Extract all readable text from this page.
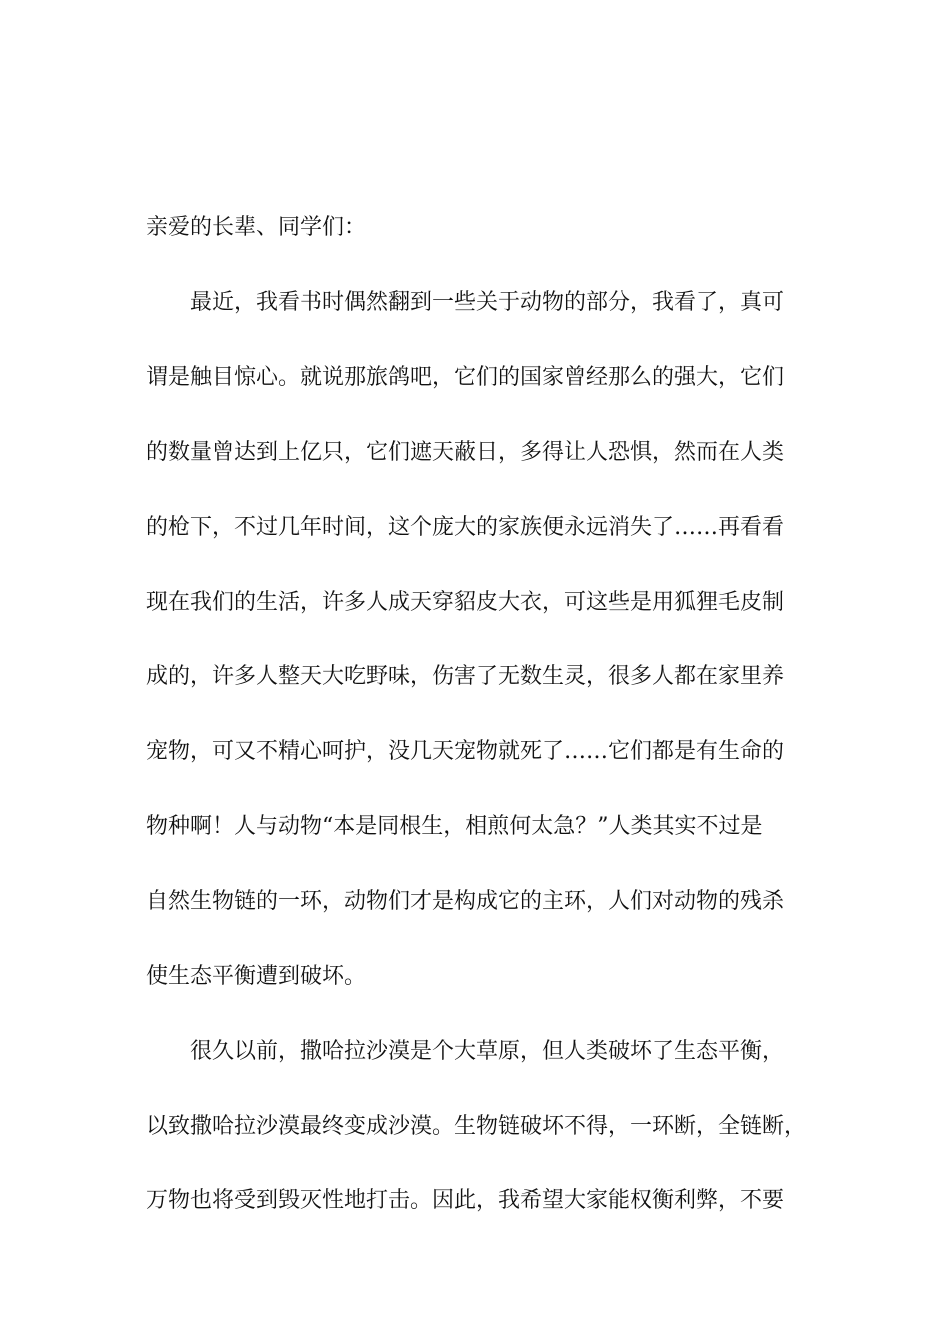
亲爱的长辈、同学们：
最近，我看书时偶然翻到一些关于动物的部分，我看了，真可
谓是触目惊心。就说那旅鸽吧，它们的国家曾经那么的强大，它们
的数量曾达到上亿只，它们遮天蔽日，多得让人恐惧，然而在人类
的枪下，不过几年时间，这个庞大的家族便永远消失了……再看看
现在我们的生活，许多人成天穿貂皮大衣，可这些是用狐狸毛皮制
成的，许多人整天大吃野味，伤害了无数生灵，很多人都在家里养
宠物，可又不精心呵护，没几天宠物就死了……它们都是有生命的
物种啊！人与动物“本是同根生，相煎何太急？”人类其实不过是
自然生物链的一环，动物们才是构成它的主环，人们对动物的残杀
使生态平衡遭到破坏。
很久以前，撒哈拉沙漠是个大草原，但人类破坏了生态平衡，
以致撒哈拉沙漠最终变成沙漠。生物链破坏不得，一环断，全链断，
万物也将受到毁灭性地打击。因此，我希望大家能权衡利弊，不要
